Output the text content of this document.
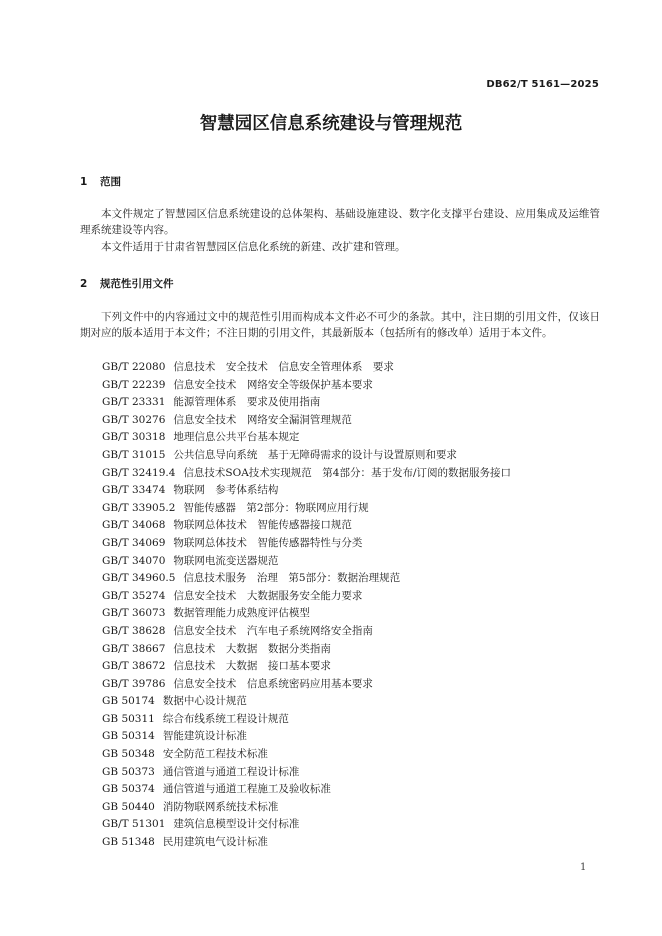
DB62/T 5161—2025
智慧园区信息系统建设与管理规范
1 范围
本文件规定了智慧园区信息系统建设的总体架构、基础设施建设、数字化支撑平台建设、应用集成及运维管理系统建设等内容。
本文件适用于甘肃省智慧园区信息化系统的新建、改扩建和管理。
2 规范性引用文件
下列文件中的内容通过文中的规范性引用而构成本文件必不可少的条款。其中，注日期的引用文件，仅该日期对应的版本适用于本文件；不注日期的引用文件，其最新版本（包括所有的修改单）适用于本文件。
GB/T 22080 信息技术　安全技术　信息安全管理体系　要求
GB/T 22239 信息安全技术　网络安全等级保护基本要求
GB/T 23331 能源管理体系　要求及使用指南
GB/T 30276 信息安全技术　网络安全漏洞管理规范
GB/T 30318 地理信息公共平台基本规定
GB/T 31015 公共信息导向系统　基于无障碍需求的设计与设置原则和要求
GB/T 32419.4 信息技术SOA技术实现规范　第4部分：基于发布/订阅的数据服务接口
GB/T 33474 物联网　参考体系结构
GB/T 33905.2 智能传感器　第2部分：物联网应用行规
GB/T 34068 物联网总体技术　智能传感器接口规范
GB/T 34069 物联网总体技术　智能传感器特性与分类
GB/T 34070 物联网电流变送器规范
GB/T 34960.5 信息技术服务　治理　第5部分：数据治理规范
GB/T 35274 信息安全技术　大数据服务安全能力要求
GB/T 36073 数据管理能力成熟度评估模型
GB/T 38628 信息安全技术　汽车电子系统网络安全指南
GB/T 38667 信息技术　大数据　数据分类指南
GB/T 38672 信息技术　大数据　接口基本要求
GB/T 39786 信息安全技术　信息系统密码应用基本要求
GB 50174 数据中心设计规范
GB 50311 综合布线系统工程设计规范
GB 50314 智能建筑设计标准
GB 50348 安全防范工程技术标准
GB 50373 通信管道与通道工程设计标准
GB 50374 通信管道与通道工程施工及验收标准
GB 50440 消防物联网系统技术标准
GB/T 51301 建筑信息模型设计交付标准
GB 51348 民用建筑电气设计标准
1
